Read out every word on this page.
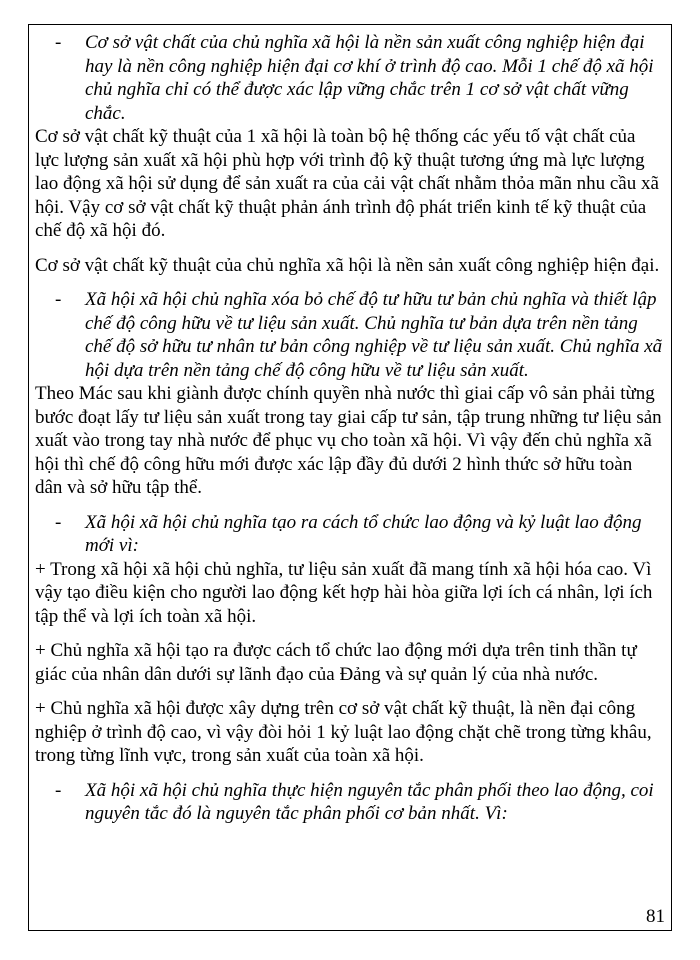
- Cơ sở vật chất của chủ nghĩa xã hội là nền sản xuất công nghiệp hiện đại hay là nền công nghiệp hiện đại cơ khí ở trình độ cao. Mỗi 1 chế độ xã hội chủ nghĩa chỉ có thể được xác lập vững chắc trên 1 cơ sở vật chất vững chắc.

Cơ sở vật chất kỹ thuật của 1 xã hội là toàn bộ hệ thống các yếu tố vật chất của lực lượng sản xuất xã hội phù hợp với trình độ kỹ thuật tương ứng mà lực lượng lao động xã hội sử dụng để sản xuất ra của cải vật chất nhằm thỏa mãn nhu cầu xã hội. Vậy cơ sở vật chất kỹ thuật phản ánh trình độ phát triển kinh tế kỹ thuật của chế độ xã hội đó.

Cơ sở vật chất kỹ thuật của chủ nghĩa xã hội là nền sản xuất công nghiệp hiện đại.

- Xã hội xã hội chủ nghĩa xóa bỏ chế độ tư hữu tư bản chủ nghĩa và thiết lập chế độ công hữu về tư liệu sản xuất. Chủ nghĩa tư bản dựa trên nền tảng chế độ sở hữu tư nhân tư bản công nghiệp về tư liệu sản xuất. Chủ nghĩa xã hội dựa trên nền tảng chế độ công hữu về tư liệu sản xuất.

Theo Mác sau khi giành được chính quyền nhà nước thì giai cấp vô sản phải từng bước đoạt lấy tư liệu sản xuất trong tay giai cấp tư sản, tập trung những tư liệu sản xuất vào trong tay nhà nước để phục vụ cho toàn xã hội. Vì vậy đến chủ nghĩa xã hội thì chế độ công hữu mới được xác lập đầy đủ dưới 2 hình thức sở hữu toàn dân và sở hữu tập thể.

- Xã hội xã hội chủ nghĩa tạo ra cách tổ chức lao động và kỷ luật lao động mới vì:

+ Trong xã hội xã hội chủ nghĩa, tư liệu sản xuất đã mang tính xã hội hóa cao. Vì vậy tạo điều kiện cho người lao động kết hợp hài hòa giữa lợi ích cá nhân, lợi ích tập thể và lợi ích toàn xã hội.

+ Chủ nghĩa xã hội tạo ra được cách tổ chức lao động mới dựa trên tinh thần tự giác của nhân dân dưới sự lãnh đạo của Đảng và sự quản lý của nhà nước.

+ Chủ nghĩa xã hội được xây dựng trên cơ sở vật chất kỹ thuật, là nền đại công nghiệp ở trình độ cao, vì vậy đòi hỏi 1 kỷ luật lao động chặt chẽ trong từng khâu, trong từng lĩnh vực, trong sản xuất của toàn xã hội.

- Xã hội xã hội chủ nghĩa thực hiện nguyên tắc phân phối theo lao động, coi nguyên tắc đó là nguyên tắc phân phối cơ bản nhất. Vì:
81
